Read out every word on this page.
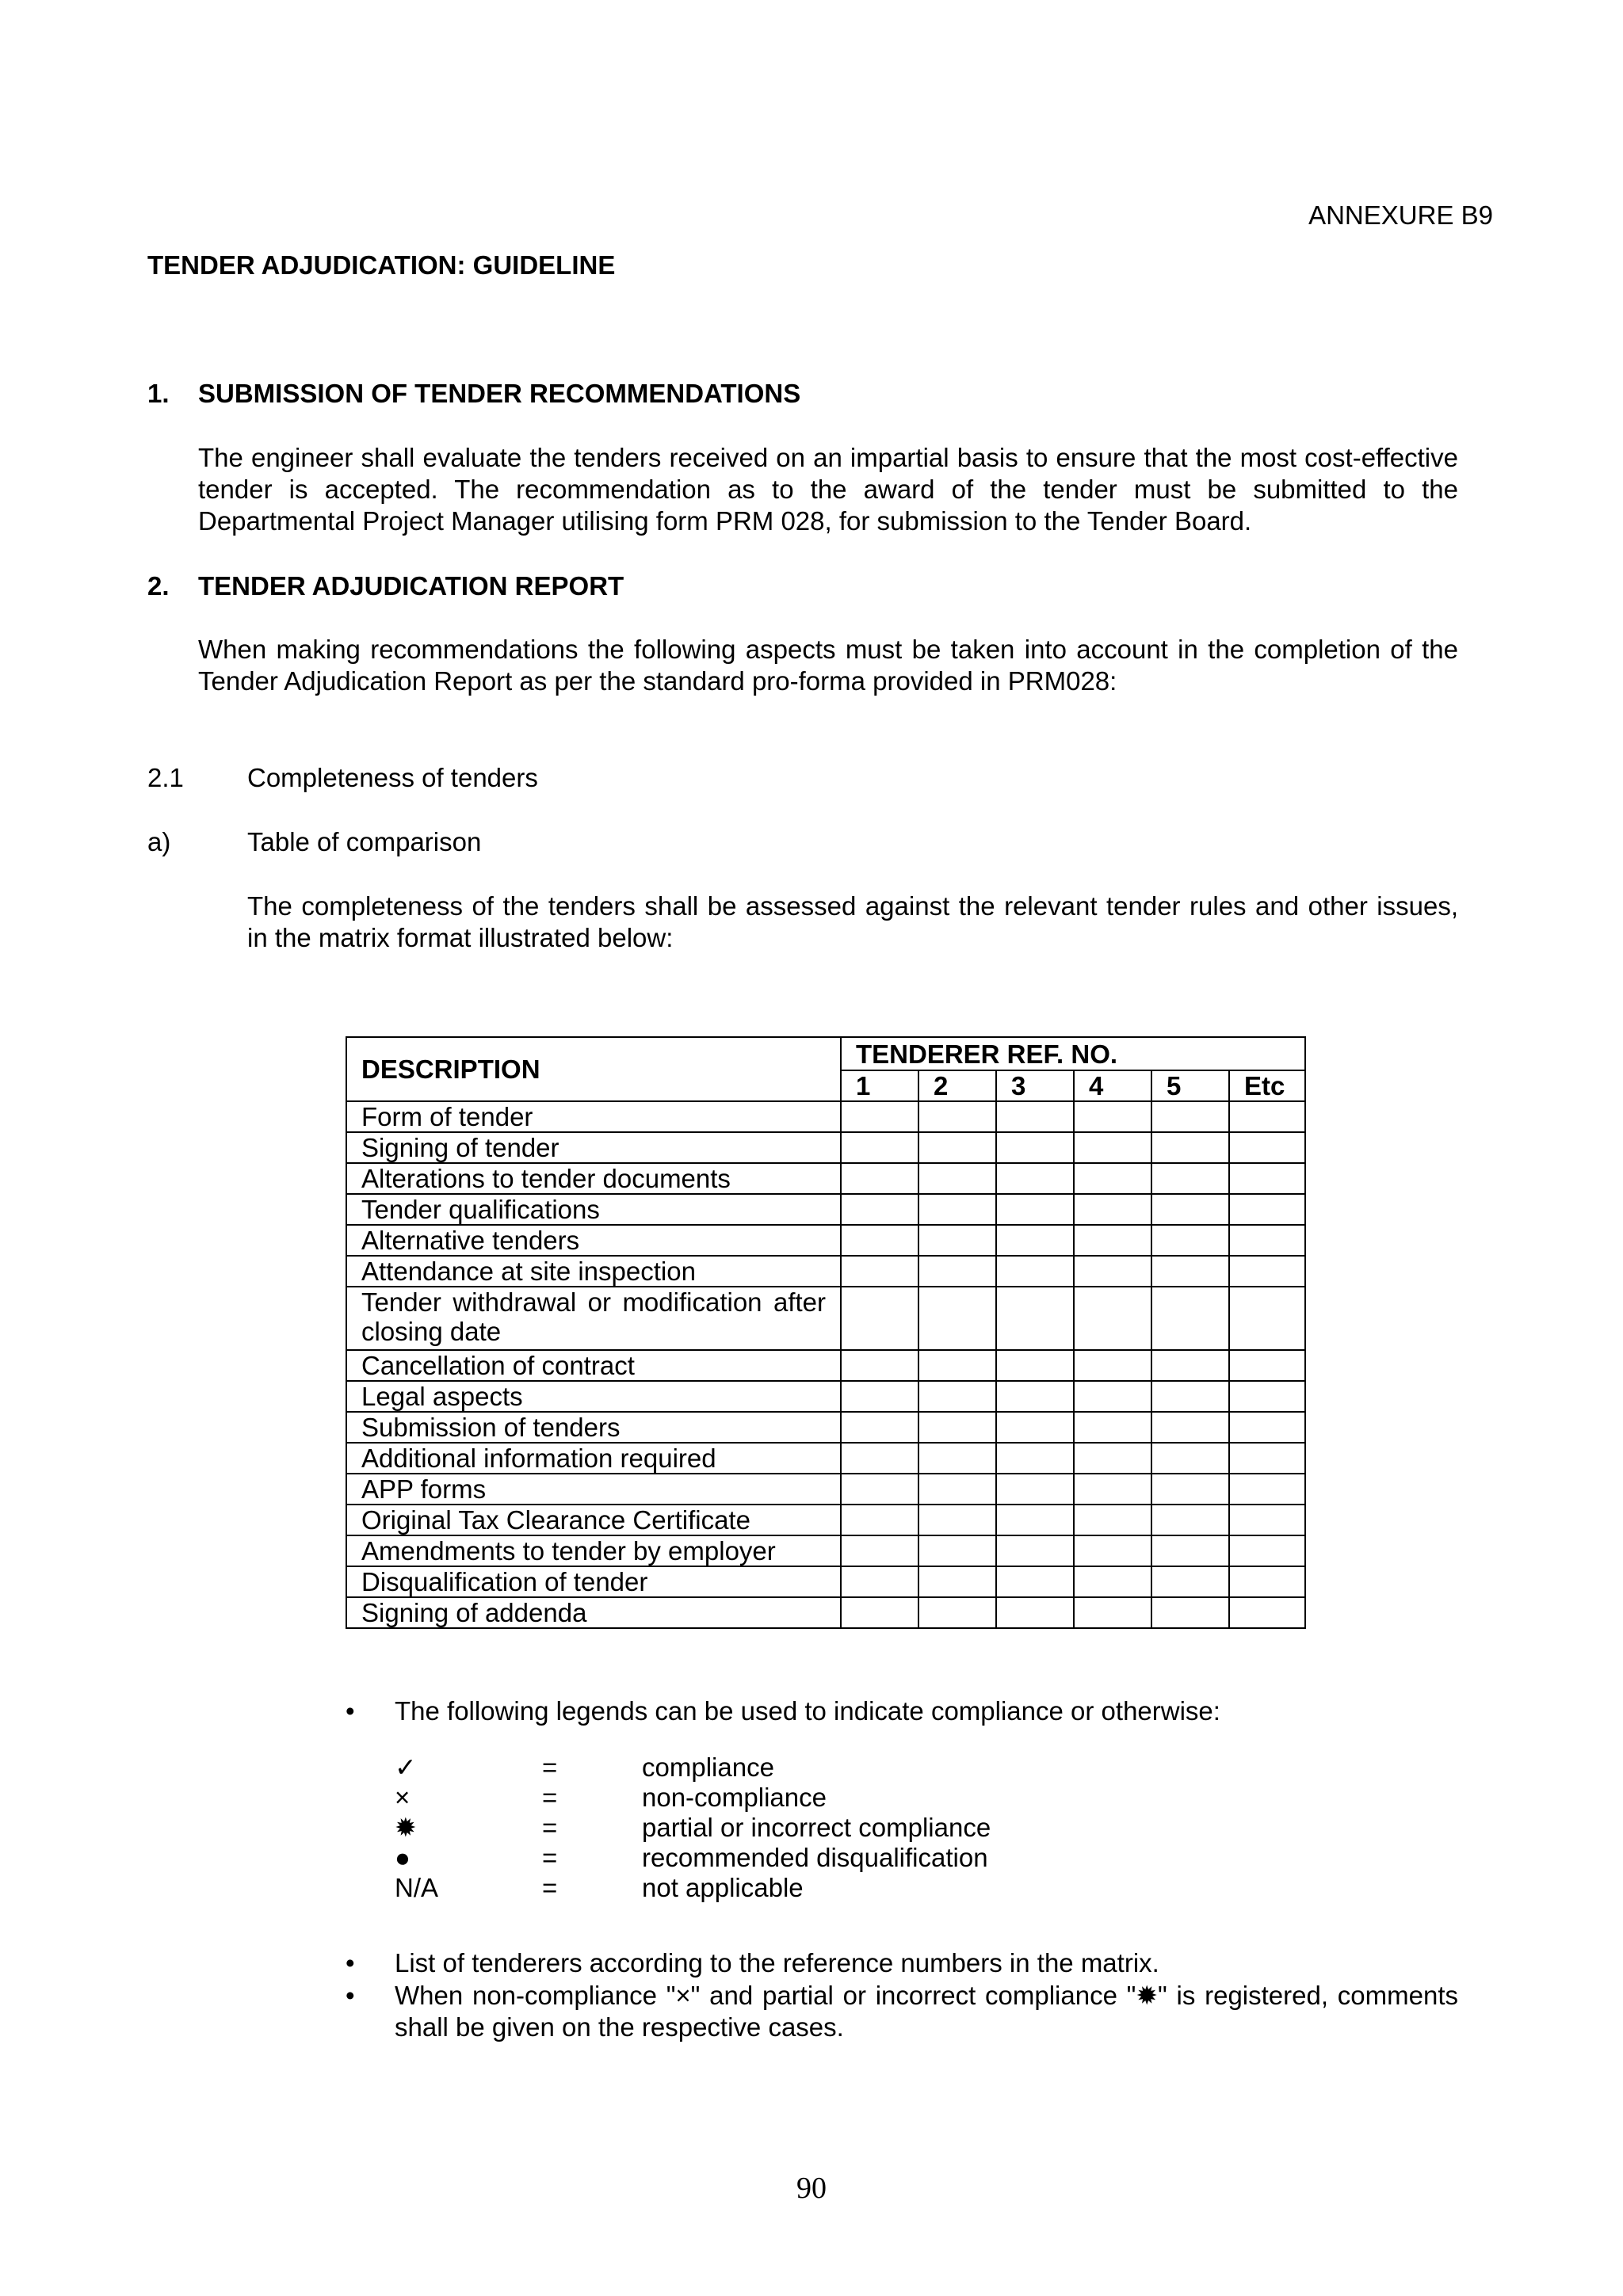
ANNEXURE B9
TENDER ADJUDICATION: GUIDELINE
1. SUBMISSION OF TENDER RECOMMENDATIONS
The engineer shall evaluate the tenders received on an impartial basis to ensure that the most cost-effective tender is accepted. The recommendation as to the award of the tender must be submitted to the Departmental Project Manager utilising form PRM 028, for submission to the Tender Board.
2. TENDER ADJUDICATION REPORT
When making recommendations the following aspects must be taken into account in the completion of the Tender Adjudication Report as per the standard pro-forma provided in PRM028:
2.1 Completeness of tenders
a)	Table of comparison
The completeness of the tenders shall be assessed against the relevant tender rules and other issues, in the matrix format illustrated below:
DESCRIPTION	TENDERER REF. NO.					
	1	2	3	4	5	Etc
Form of tender						
Signing of tender						
Alterations to tender documents						
Tender qualifications						
Alternative tenders						
Attendance at site inspection						
Tender withdrawal or modification after closing date						
Cancellation of contract						
Legal aspects						
Submission of tenders						
Additional information required						
APP forms						
Original Tax Clearance Certificate						
Amendments to tender by employer						
Disqualification of tender						
Signing of addenda						
• The following legends can be used to indicate compliance or otherwise:
✓	=	compliance
×	=	non-compliance
✹	=	partial or incorrect compliance
●	=	recommended disqualification
N/A	=	not applicable
• List of tenderers according to the reference numbers in the matrix.
• When non-compliance "×" and partial or incorrect compliance "✹" is registered, comments shall be given on the respective cases.
90
